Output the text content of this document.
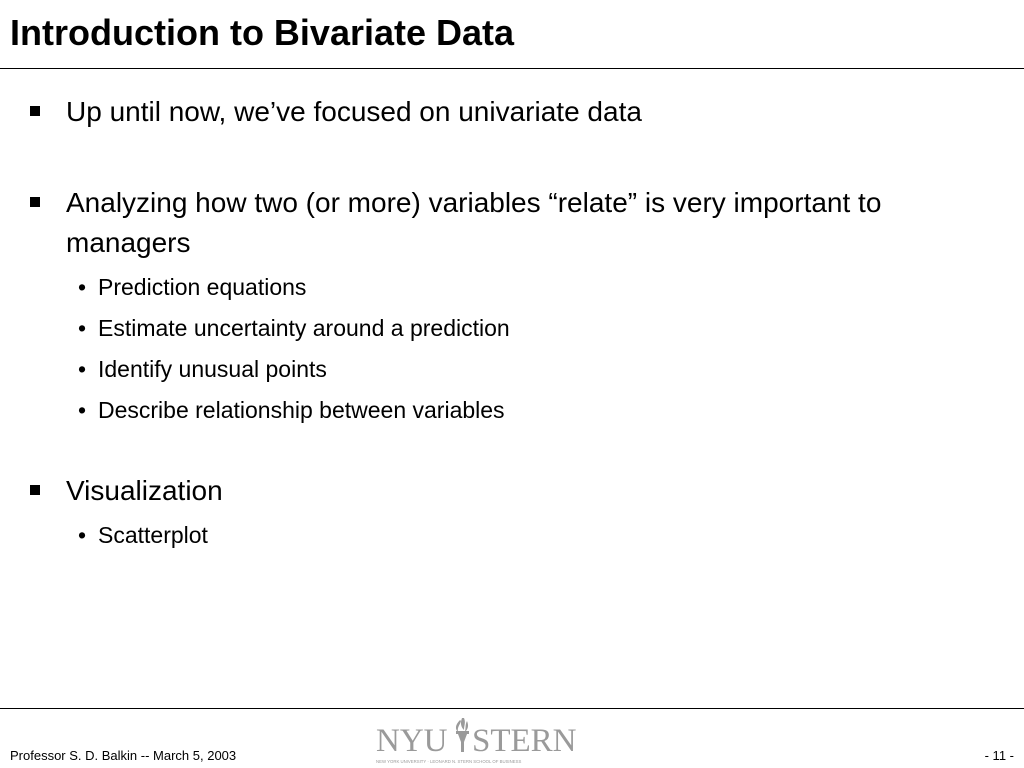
Introduction to Bivariate Data
Up until now, we’ve focused on univariate data
Analyzing how two (or more) variables “relate” is very important to managers
• Prediction equations
• Estimate uncertainty around a prediction
• Identify unusual points
• Describe relationship between variables
Visualization
• Scatterplot
Professor S. D. Balkin -- March 5, 2003	NYU STERN
NEW YORK UNIVERSITY · LEONARD N. STERN SCHOOL OF BUSINESS	- 11 -
